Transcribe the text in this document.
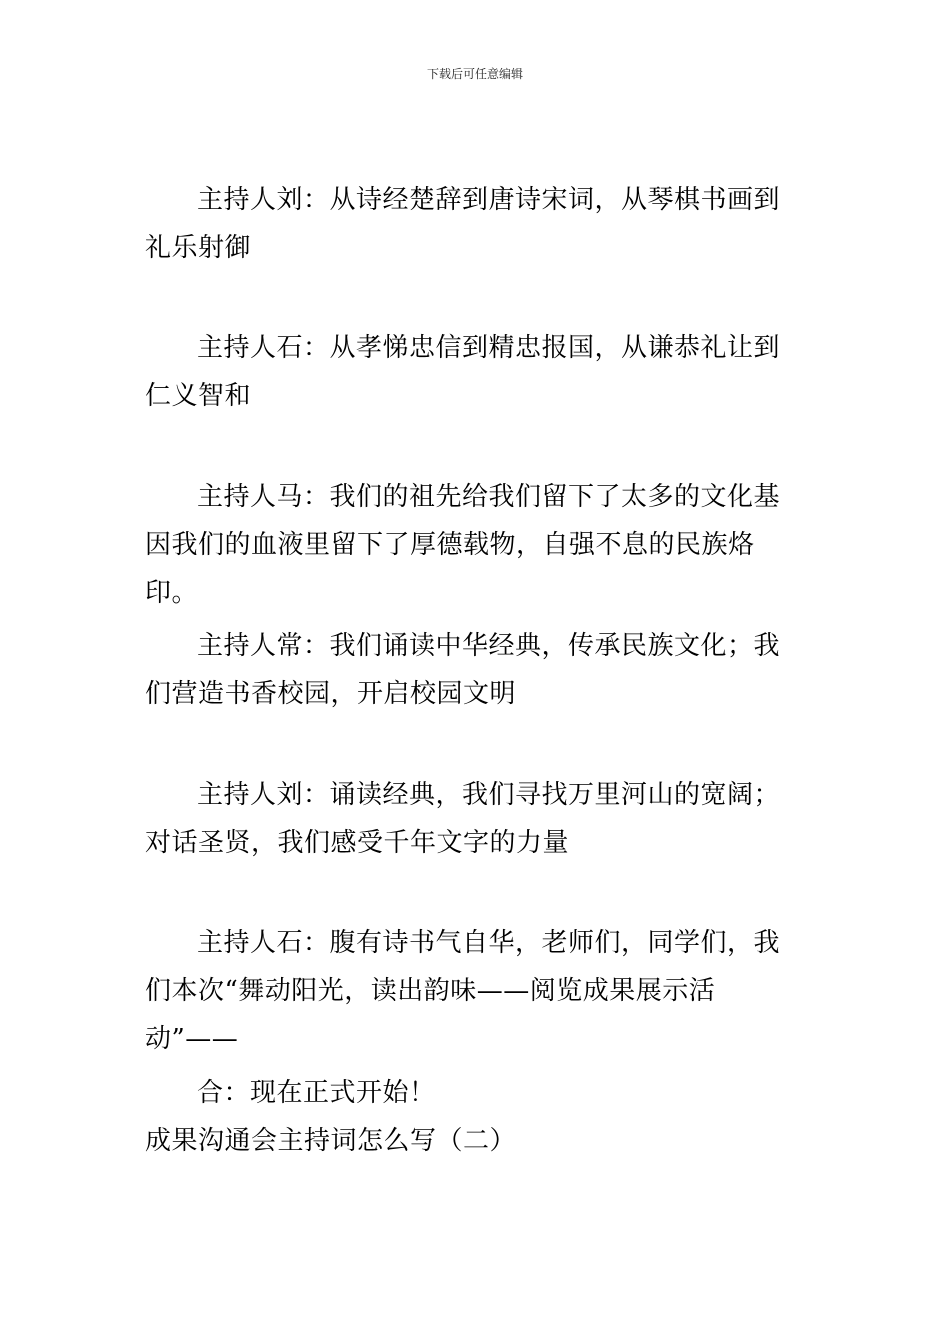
下载后可任意编辑
主持人刘：从诗经楚辞到唐诗宋词，从琴棋书画到礼乐射御
主持人石：从孝悌忠信到精忠报国，从谦恭礼让到仁义智和
主持人马：我们的祖先给我们留下了太多的文化基因我们的血液里留下了厚德载物，自强不息的民族烙印。
主持人常：我们诵读中华经典，传承民族文化；我们营造书香校园，开启校园文明
主持人刘：诵读经典，我们寻找万里河山的宽阔；对话圣贤，我们感受千年文字的力量
主持人石：腹有诗书气自华，老师们，同学们，我们本次“舞动阳光，读出韵味——阅览成果展示活动”——
合：现在正式开始！
成果沟通会主持词怎么写（二）
